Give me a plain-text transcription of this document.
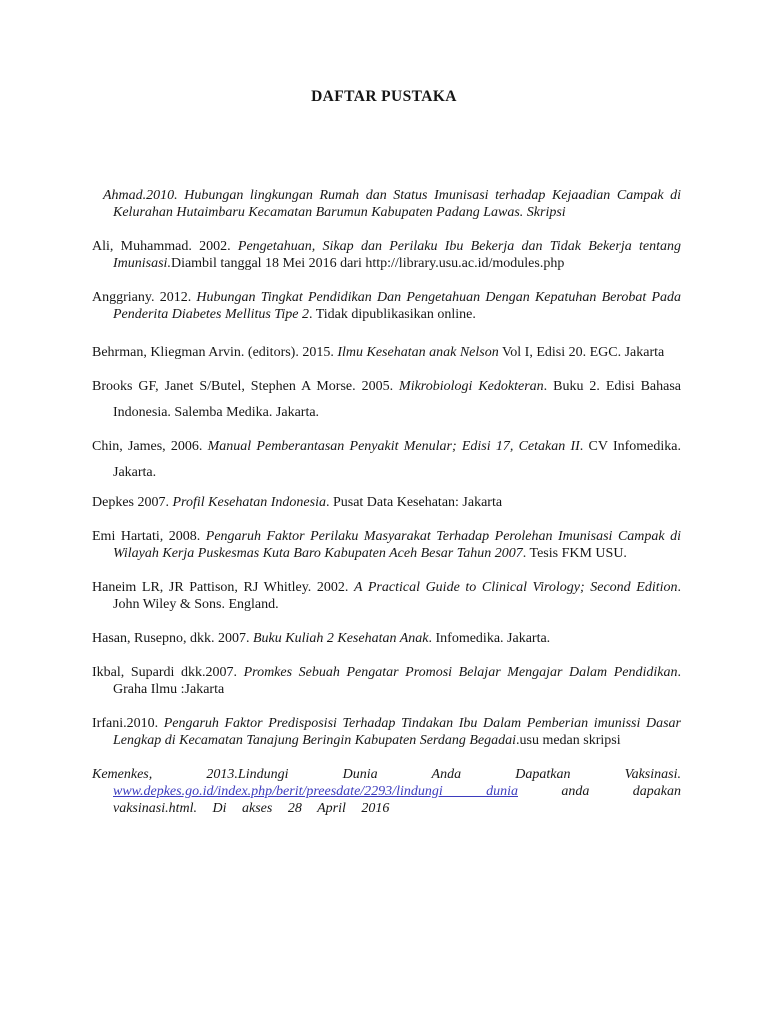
DAFTAR PUSTAKA

Ahmad.2010. Hubungan lingkungan Rumah dan Status Imunisasi terhadap Kejaadian Campak di Kelurahan Hutaimbaru Kecamatan Barumun Kabupaten Padang Lawas. Skripsi

Ali, Muhammad. 2002. Pengetahuan, Sikap dan Perilaku Ibu Bekerja dan Tidak Bekerja tentang Imunisasi.Diambil tanggal 18 Mei 2016 dari http://library.usu.ac.id/modules.php

Anggriany. 2012. Hubungan Tingkat Pendidikan Dan Pengetahuan Dengan Kepatuhan Berobat Pada Penderita Diabetes Mellitus Tipe 2. Tidak dipublikasikan online.

Behrman, Kliegman Arvin. (editors). 2015. Ilmu Kesehatan anak Nelson Vol I, Edisi 20. EGC. Jakarta

Brooks GF, Janet S/Butel, Stephen A Morse. 2005. Mikrobiologi Kedokteran. Buku 2. Edisi Bahasa Indonesia. Salemba Medika. Jakarta.

Chin, James, 2006. Manual Pemberantasan Penyakit Menular; Edisi 17, Cetakan II. CV Infomedika. Jakarta.

Depkes 2007. Profil Kesehatan Indonesia. Pusat Data Kesehatan: Jakarta

Emi Hartati, 2008. Pengaruh Faktor Perilaku Masyarakat Terhadap Perolehan Imunisasi Campak di Wilayah Kerja Puskesmas Kuta Baro Kabupaten Aceh Besar Tahun 2007. Tesis FKM USU.

Haneim LR, JR Pattison, RJ Whitley. 2002. A Practical Guide to Clinical Virology; Second Edition. John Wiley & Sons. England.

Hasan, Rusepno, dkk. 2007. Buku Kuliah 2 Kesehatan Anak. Infomedika. Jakarta.

Ikbal, Supardi dkk.2007. Promkes Sebuah Pengatar Promosi Belajar Mengajar Dalam Pendidikan. Graha Ilmu :Jakarta

Irfani.2010. Pengaruh Faktor Predisposisi Terhadap Tindakan Ibu Dalam Pemberian imunissi Dasar Lengkap di Kecamatan Tanajung Beringin Kabupaten Serdang Begadai.usu medan skripsi

Kemenkes, 2013.Lindungi Dunia Anda Dapatkan Vaksinasi. www.depkes.go.id/index.php/berit/preesdate/2293/lindungi dunia anda dapakan vaksinasi.html. Di akses 28 April 2016
